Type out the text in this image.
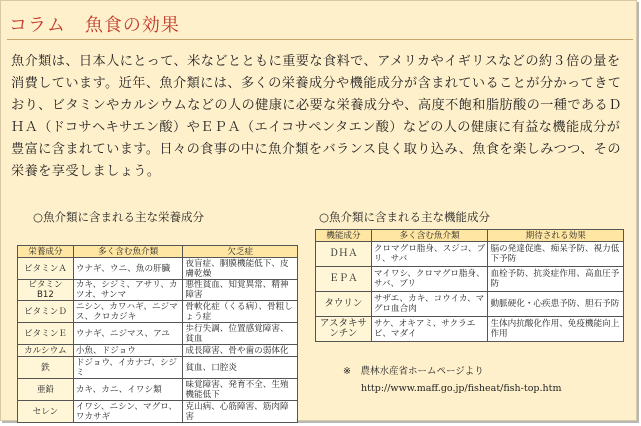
コラム　魚食の効果
魚介類は、日本人にとって、米などとともに重要な食料で、アメリカやイギリスなどの約３倍の量を消費しています。近年、魚介類には、多くの栄養成分や機能成分が含まれていることが分かってきており、ビタミンやカルシウムなどの人の健康に必要な栄養成分や、高度不飽和脂肪酸の一種であるＤＨＡ（ドコサヘキサエン酸）やＥＰＡ（エイコサペンタエン酸）などの人の健康に有益な機能成分が豊富に含まれています。日々の食事の中に魚介類をバランス良く取り込み、魚食を楽しみつつ、その栄養を享受しましょう。
○魚介類に含まれる主な栄養成分	○魚介類に含まれる主な機能成分
栄養成分	多く含む魚介類	欠乏症
ビタミンＡ	ウナギ、ウニ、魚の肝臓	夜盲症、胴膜機能低下、皮膚乾燥
ビタミンB12	カキ、シジミ、アサリ、カツオ、サンマ	悪性貧血、知覚異常、精神障害
ビタミンＤ	ニシン、カワハギ、ニジマス、クロカジキ	骨軟化症（くる病）、骨粗しょう症
ビタミンＥ	ウナギ、ニジマス、アユ	歩行失調、位置感覚障害、貧血
カルシウム	小魚、ドジョウ	成長障害、骨や歯の弱体化
鉄	ドジョウ、イカナゴ、シジミ	貧血、口腔炎
亜鉛	カキ、カニ、イワシ類	味覚障害、発育不全、生殖機能低下
セレン	イワシ、ニシン、マグロ、ワカサギ	克山病、心筋障害、筋肉障害
機能成分	多く含む魚介類	期待される効果
ＤＨＡ	クロマグロ脂身、スジコ、ブリ、サバ	脳の発達促進、痴呆予防、視力低下予防
ＥＰＡ	マイワシ、クロマグロ脂身、サバ、ブリ	血栓予防、抗炎症作用、高血圧予防
タウリン	サザエ、カキ、コウイカ、マグロ血合肉	動脈硬化・心疾患予防、胆石予防
アスタキサンチン	サケ、オキアミ、サクラエビ、マダイ	生体内抗酸化作用、免疫機能向上作用
※　農林水産省ホームページより
http://www.maff.go.jp/fisheat/fish-top.htm
